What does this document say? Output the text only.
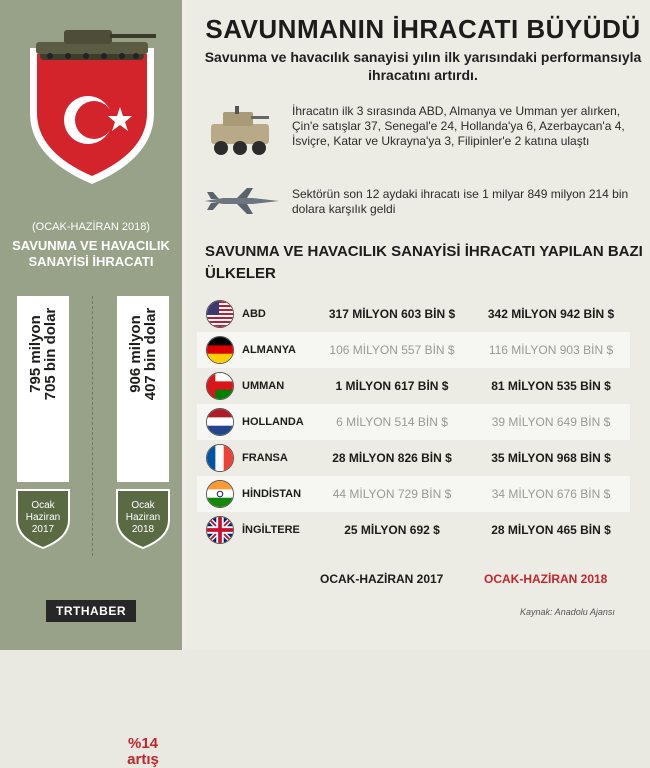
(OCAK-HAZİRAN 2018)
SAVUNMA VE HAVACILIK
SANAYİSİ İHRACATI
795 milyon
705 bin dolar	906 milyon
407 bin dolar
%14
artış
Ocak
Haziran
2017
Ocak
Haziran
2018
TRTHABER
SAVUNMANIN İHRACATI BÜYÜDÜ
Savunma ve havacılık sanayisi yılın ilk yarısındaki performansıyla ihracatını artırdı.
İhracatın ilk 3 sırasında ABD, Almanya ve Umman yer alırken, Çin'e satışlar 37, Senegal'e 24, Hollanda'ya 6, Azerbaycan'a 4, İsviçre, Katar ve Ukrayna'ya 3, Filipinler'e 2 katına ulaştı
Sektörün son 12 aydaki ihracatı ise 1 milyar 849 milyon 214 bin dolara karşılık geldi
SAVUNMA VE HAVACILIK SANAYİSİ İHRACATI YAPILAN BAZI ÜLKELER
ABD	317 MİLYON 603 BİN $	342 MİLYON 942 BİN $
ALMANYA	106 MİLYON 557 BİN $	116 MİLYON 903 BİN $
UMMAN	1 MİLYON 617 BİN $	81 MİLYON 535 BİN $
HOLLANDA	6 MİLYON 514 BİN $	39 MİLYON 649 BİN $
FRANSA	28 MİLYON 826 BİN $	35 MİLYON 968 BİN $
HİNDİSTAN	44 MİLYON 729 BİN $	34 MİLYON 676 BİN $
İNGİLTERE	25 MİLYON 692 $	28 MİLYON 465 BİN $
OCAK-HAZİRAN 2017	OCAK-HAZİRAN 2018
Kaynak: Anadolu Ajansı
